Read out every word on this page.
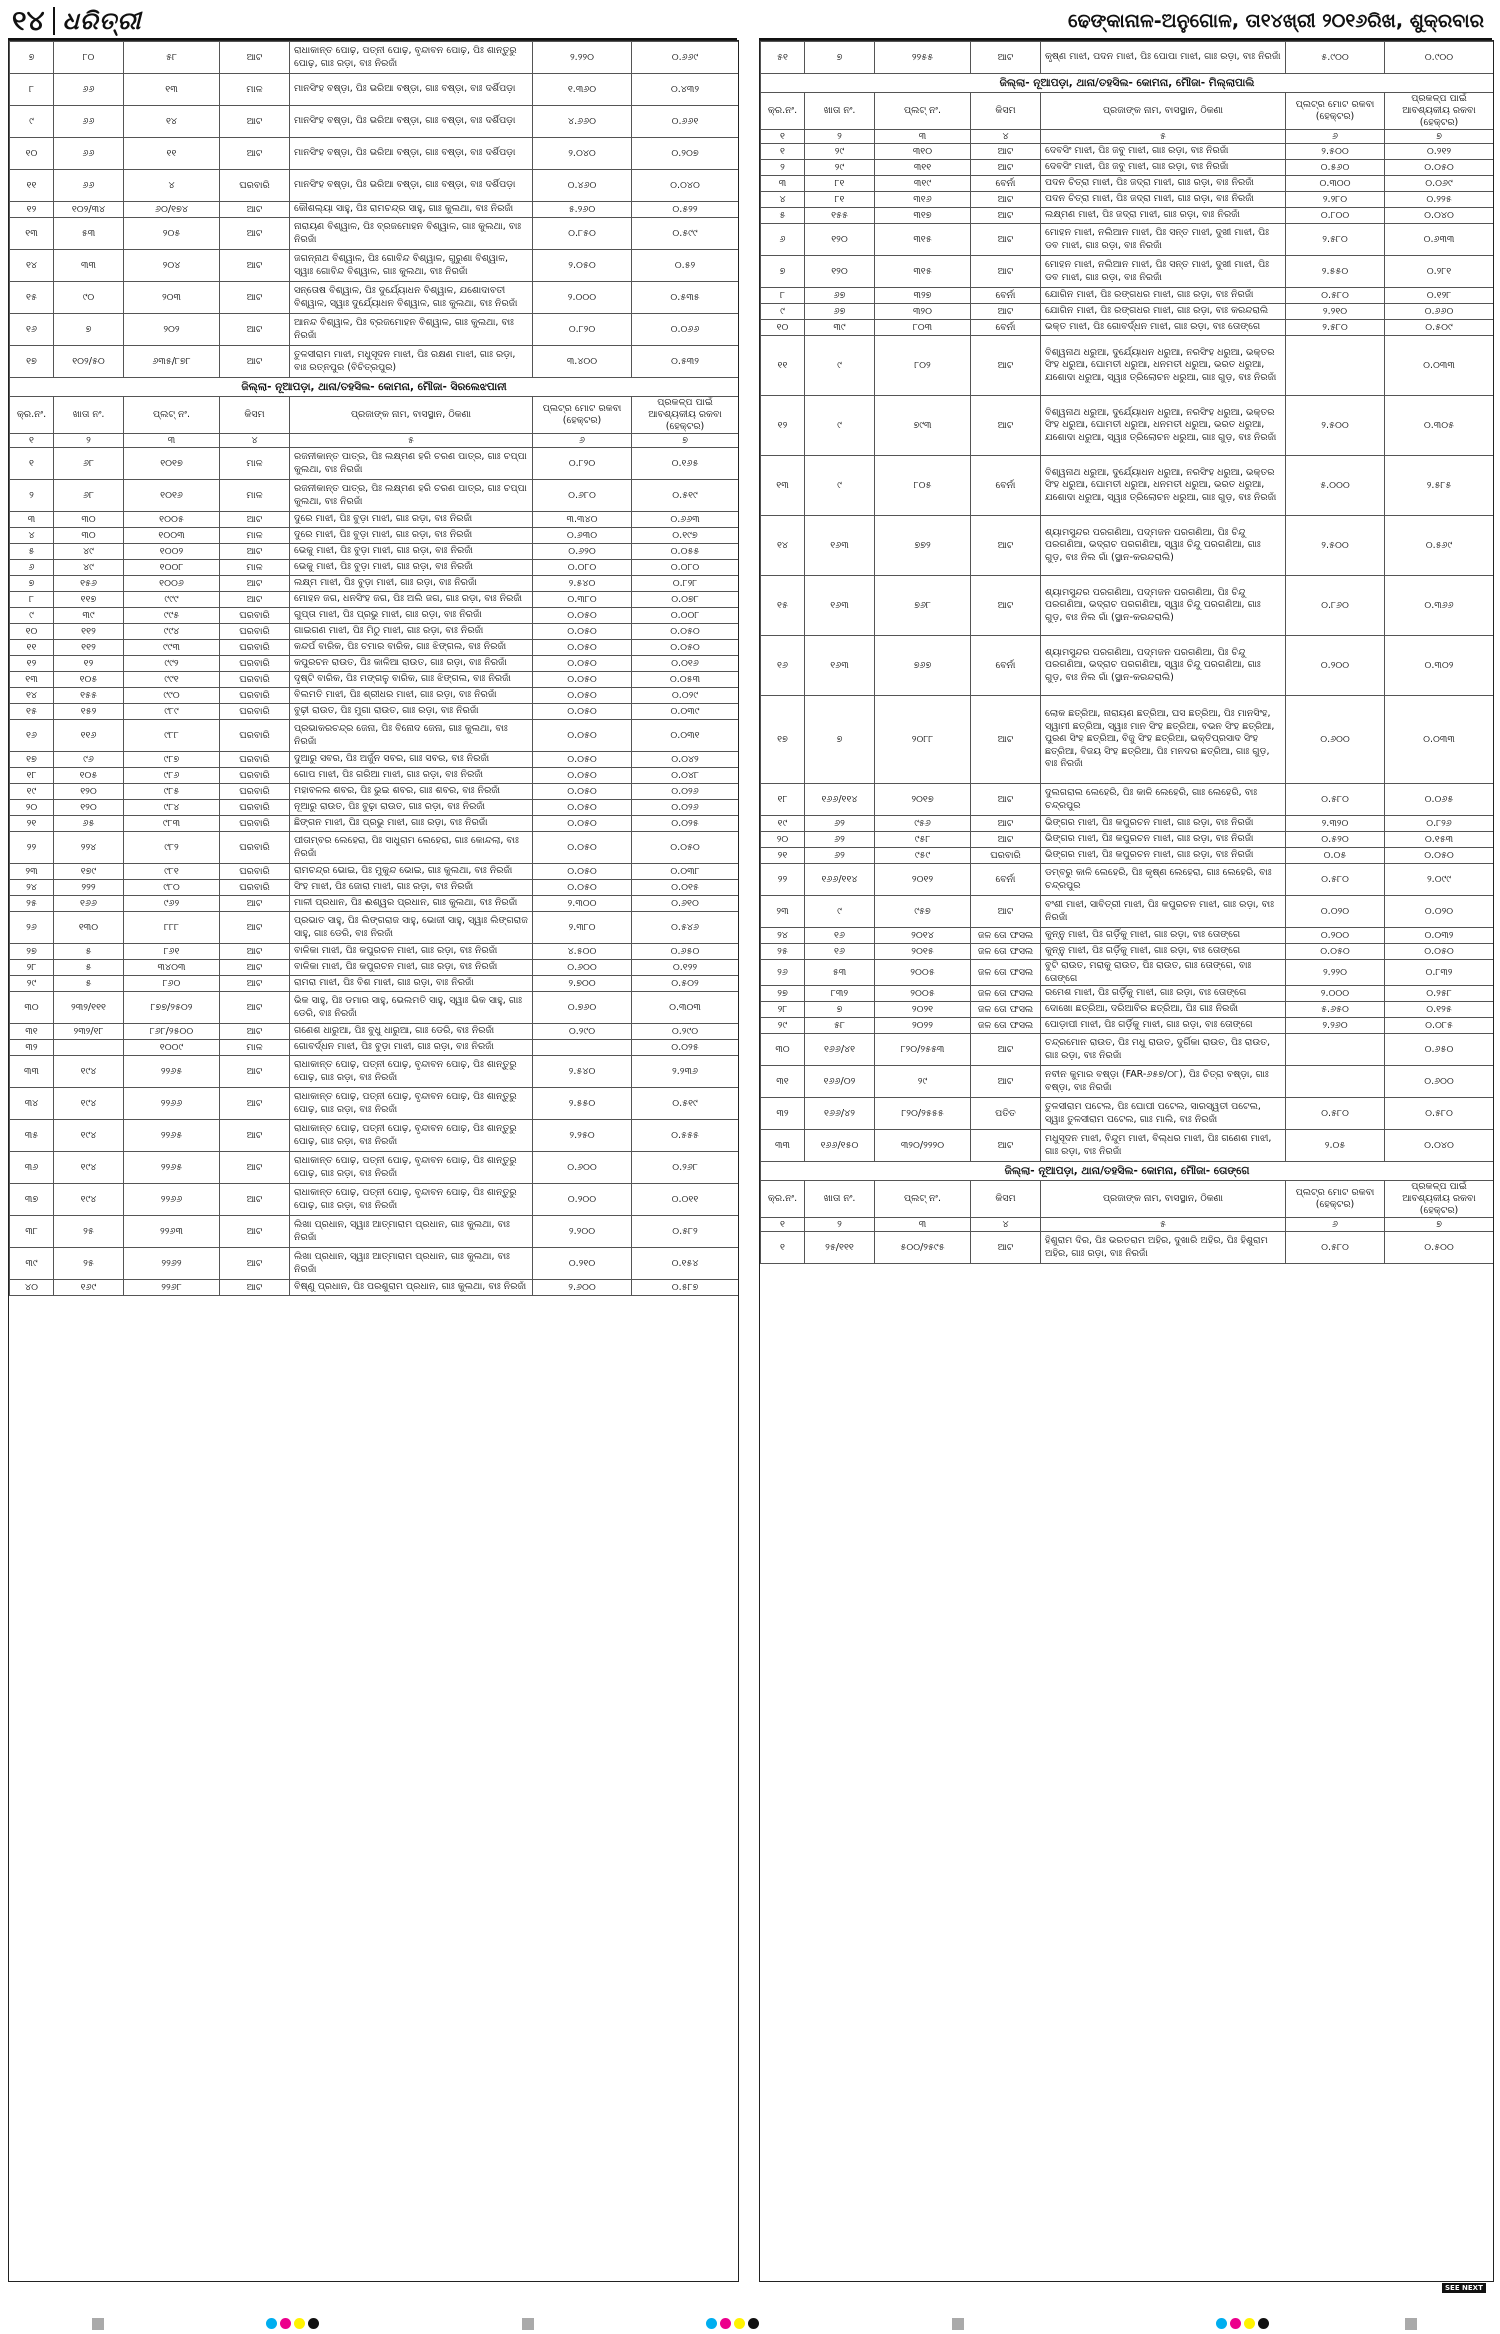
୧୪ ଧରିତ୍ରୀ	ଢେଙ୍କାନାଳ-ଅନୁଗୋଳ, ତା୧୪ଖ୍ରୀ ୨୦୧୬ରିଖ, ଶୁକ୍ରବାର
୭	୮୦	୫୮	ଆଟ	ରାଧାକାନ୍ତ ପୋଢ଼, ପତ୍ନୀ ପୋଢ଼, ବୃନ୍ଦାବନ ପୋଢ଼, ପିଃ ଶାନ୍ତୁରୁ ପୋଢ଼, ଗାଃ ରଡ଼ା, ବାଃ ନିରଜାଁ	୨.୨୨୦	୦.୬୬୯
୮	୬୬	୧୩	ମାଳ	ମାନସିଂହ ବଷ୍ଡ଼ା, ପିଃ ଭରିଆ ବଷ୍ଡ଼ା, ଗାଃ ବଷ୍ଡ଼ା, ବାଃ ଦର୍ଶିପଡ଼ା	୧.୩୬୦	୦.୪୩୨
୯	୬୬	୧୪	ଆଟ	ମାନସିଂହ ବଷ୍ଡ଼ା, ପିଃ ଭରିଆ ବଷ୍ଡ଼ା, ଗାଃ ବଷ୍ଡ଼ା, ବାଃ ଦର୍ଶିପଡ଼ା	୪.୬୬୦	୦.୬୬୧
୧୦	୬୬	୧୧	ଆଟ	ମାନସିଂହ ବଷ୍ଡ଼ା, ପିଃ ଭରିଆ ବଷ୍ଡ଼ା, ଗାଃ ବଷ୍ଡ଼ା, ବାଃ ଦର୍ଶିପଡ଼ା	୨.୦୪୦	୦.୨୦୭
୧୧	୬୬	୪	ଘରବାରି	ମାନସିଂହ ବଷ୍ଡ଼ା, ପିଃ ଭରିଆ ବଷ୍ଡ଼ା, ଗାଃ ବଷ୍ଡ଼ା, ବାଃ ଦର୍ଶିପଡ଼ା	୦.୪୬୦	୦.୦୪୦
୧୨	୧୦୨/୩୪	୬୦/୧୭୪	ଆଟ	କୌଶଲ୍ୟା ସାହୁ, ପିଃ ରାମଚନ୍ଦ୍ର ସାହୁ, ଗାଃ କୁଲଥା, ବାଃ ନିରଜାଁ	୫.୨୬୦	୦.୫୨୨
୧୩	୫୩	୨୦୫	ଆଟ	ନାରାୟଣ ବିଶ୍ୱାଳ, ପିଃ ବ୍ରଜମୋହନ ବିଶ୍ୱାଳ, ଗାଃ କୁଲଥା, ବାଃ ନିରଜାଁ	୦.୮୫୦	୦.୫୯୯
୧୪	୩୩	୨୦୪	ଆଟ	ଜଗନ୍ନାଥ ବିଶ୍ୱାଳ, ପିଃ ଗୋବିନ୍ଦ ବିଶ୍ୱାଳ, ଗୁରୁଣା ବିଶ୍ୱାଳ, ସ୍ୱାଃ ଗୋବିନ୍ଦ ବିଶ୍ୱାଳ, ଗାଃ କୁଲଥା, ବାଃ ନିରଜାଁ	୨.୦୫୦	୦.୫୨
୧୫	୯୦	୨୦୩	ଆଟ	ସନ୍ତୋଷ ବିଶ୍ୱାଳ, ପିଃ ଦୁର୍ଯ୍ୟୋଧନ ବିଶ୍ୱାଳ, ଯଶୋଦାବତୀ ବିଶ୍ୱାଳ, ସ୍ୱାଃ ଦୁର୍ଯ୍ୟୋଧନ ବିଶ୍ୱାଳ, ଗାଃ କୁଲଥା, ବାଃ ନିରଜାଁ	୨.୦୦୦	୦.୫୩୫
୧୬	୭	୨୦୨	ଆଟ	ଆନନ୍ଦ ବିଶ୍ୱାଳ, ପିଃ ବ୍ରଜମୋହନ ବିଶ୍ୱାଳ, ଗାଃ କୁଲଥା, ବାଃ ନିରଜାଁ	୦.୮୨୦	୦.୦୬୬
୧୭	୧୦୨/୫୦	୬୩୫/୮୭୮	ଆଟ	ତୁଳସୀରାମ ମାଝୀ, ମଧୁସୂଦନ ମାଝୀ, ପିଃ ରକ୍ଷଣ ମାଝୀ, ଗାଃ ରଡ଼ା, ବାଃ ରତ୍ନପୁର (ବିଚିତ୍ରପୁର)	୩.୪୦୦	୦.୫୩୨
ଜିଲ୍ଲା- ନୂଆପଡ଼ା, ଥାନା/ତହସିଲ- କୋମନା, ମୌଜା- ସିରଲେଝପାନୀ						
କ୍ର.ନଂ.	ଖାତା ନଂ.	ପ୍ଲଟ୍ ନଂ.	କିସମ	ପ୍ରଜାଙ୍କ ନାମ, ବାସସ୍ଥାନ, ଠିକଣା	ପ୍ଲଟ୍‌ର ମୋଟ ରକବା (ହେକ୍ଟର)	ପ୍ରକଳ୍ପ ପାଇଁ ଆବଶ୍ୟକୀୟ ରକବା (ହେକ୍ଟର)
୧	୨	୩	୪	୫	୬	୭
୧	୬୮	୧୦୧୭	ମାଳ	ରଜନୀକାନ୍ତ ପାତ୍ର, ପିଃ ଲକ୍ଷ୍ମଣ ହରି ଚରଣ ପାତ୍ର, ଗାଃ ଚପ୍ପା କୁଲଥା, ବାଃ ନିରଜାଁ	୦.୮୨୦	୦.୧୬୫
୨	୬୮	୧୦୧୬	ମାଳ	ରଜନୀକାନ୍ତ ପାତ୍ର, ପିଃ ଲକ୍ଷ୍ମଣ ହରି ଚରଣ ପାତ୍ର, ଗାଃ ଚପ୍ପା କୁଲଥା, ବାଃ ନିରଜାଁ	୦.୬୮୦	୦.୫୧୯
୩	୩୦	୧୦୦୫	ଆଟ	ଦୁରେ ମାଝୀ, ପିଃ ବୁଡ଼ା ମାଝୀ, ଗାଃ ରଡ଼ା, ବାଃ ନିରଜାଁ	୩.୩୪୦	୦.୬୬୩
୪	୩୦	୧୦୦୩	ମାଳ	ଦୁରେ ମାଝୀ, ପିଃ ବୁଡ଼ା ମାଝୀ, ଗାଃ ରଡ଼ା, ବାଃ ନିରଜାଁ	୦.୬୩୦	୦.୧୯୭
୫	୪୯	୧୦୦୨	ଆଟ	ଭେକୁ ମାଝୀ, ପିଃ ବୁଡ଼ା ମାଝୀ, ଗାଃ ରଡ଼ା, ବାଃ ନିରଜାଁ	୦.୬୨୦	୦.୦୫୫
୬	୪୯	୧୦୦୮	ମାଳ	ଭେକୁ ମାଝୀ, ପିଃ ବୁଡ଼ା ମାଝୀ, ଗାଃ ରଡ଼ା, ବାଃ ନିରଜାଁ	୦.୦୮୦	୦.୦୮୦
୭	୧୫୬	୧୦୦୬	ଆଟ	ଲକ୍ଷ୍ମ ମାଝୀ, ପିଃ ବୁଡ଼ା ମାଝୀ, ଗାଃ ରଡ଼ା, ବାଃ ନିରଜାଁ	୨.୫୪୦	୦.୮୨୮
୮	୧୧୭	୯୯୯	ଆଟ	ମୋହନ ଜଗ, ଧନସିଂହ ଜଗ, ପିଃ ଅଲି ଜଗ, ଗାଃ ରଡ଼ା, ବାଃ ନିରଜାଁ	୦.୩୮୦	୦.୦୭୮
୯	୩୯	୯୯୫	ଘରବାରି	ଗୁପ୍ତା ମାଝୀ, ପିଃ ପ୍ରଭୁ ମାଝୀ, ଗାଃ ରଡ଼ା, ବାଃ ନିରଜାଁ	୦.୦୫୦	୦.୦୦୮
୧୦	୧୧୨	୯୯୪	ଘରବାରି	ଗାଇଗଣ ମାଝୀ, ପିଃ ମିଠୁ ମାଝୀ, ଗାଃ ରଡ଼ା, ବାଃ ନିରଜାଁ	୦.୦୫୦	୦.୦୫୦
୧୧	୧୧୨	୯୯୩	ଘରବାରି	କନ୍ଦର୍ପ ବାରିକ, ପିଃ ଚମାର ବାରିକ, ଗାଃ ଝିଙ୍ଗଲ, ବାଃ ନିରଜାଁ	୦.୦୫୦	୦.୦୫୦
୧୨	୧୨	୯୯୨	ଘରବାରି	କପୁରଚନ ରାଉତ, ପିଃ କାଳିଆ ରାଉତ, ଗାଃ ରଡ଼ା, ବାଃ ନିରଜାଁ	୦.୦୫୦	୦.୦୧୬
୧୩	୧୦୫	୯୯୧	ଘରବାରି	ଦୃଷ୍ଟି ବାରିକ, ପିଃ ମଙ୍ଗଳୁ ବାରିକ, ଗାଃ ଝିଙ୍ଗଲ, ବାଃ ନିରଜାଁ	୦.୦୫୦	୦.୦୫୩
୧୪	୧୫୫	୯୯୦	ଘରବାରି	ବିଲମତି ମାଝୀ, ପିଃ ଶ୍ରୀଧର ମାଝୀ, ଗାଃ ରଡ଼ା, ବାଃ ନିରଜାଁ	୦.୦୫୦	୦.୦୨୯
୧୫	୧୫୨	୯୮୯	ଘରବାରି	ବୁଢ଼ୀ ରାଉତ, ପିଃ ମୁଗା ରାଉତ, ଗାଃ ରଡ଼ା, ବାଃ ନିରଜାଁ	୦.୦୫୦	୦.୦୩୯
୧୬	୧୧୬	୯୮୮	ଘରବାରି	ପ୍ରଭାକରଚନ୍ଦ୍ର ଜେନା, ପିଃ ବିନୋଦ ଜେନା, ଗାଃ କୁଲଥା, ବାଃ ନିରଜାଁ	୦.୦୫୦	୦.୦୩୧
୧୭	୯୬	୯୮୭	ଘରବାରି	ଦୁଆରୁ ସବର, ପିଃ ଅର୍ଜୁନ ସବର, ଗାଃ ସବର, ବାଃ ନିରଜାଁ	୦.୦୫୦	୦.୦୪୨
୧୮	୧୦୫	୯୮୬	ଘରବାରି	ଗୋପ ମାଝୀ, ପିଃ ଗରିଆ ମାଝୀ, ଗାଃ ରଡ଼ା, ବାଃ ନିରଜାଁ	୦.୦୫୦	୦.୦୪୮
୧୯	୧୨୦	୯୮୫	ଘରବାରି	ମହାବଳଲ ଶବର, ପିଃ ଭୁଇ ଶବର, ଗାଃ ଶବର, ବାଃ ନିରଜାଁ	୦.୦୫୦	୦.୦୨୬
୨୦	୧୨୦	୯୮୪	ଘରବାରି	ନୂଆରୁ ରାଉତ, ପିଃ ବୁଢ଼ା ରାଉତ, ଗାଃ ରଡ଼ା, ବାଃ ନିରଜାଁ	୦.୦୫୦	୦.୦୨୬
୨୧	୬୫	୯୮୩	ଘରବାରି	ଛିଙ୍ଗନ ମାଝୀ, ପିଃ ପ୍ରଭୁ ମାଝୀ, ଗାଃ ରଡ଼ା, ବାଃ ନିରଜାଁ	୦.୦୫୦	୦.୦୨୫
୨୨	୨୨୪	୯୮୨	ଘରବାରି	ପୀତାମ୍ବର ଲେହେରା, ପିଃ ସାଧୁରାମ ଲେହେରା, ଗାଃ କୋନ୍ଦଲା, ବାଃ ନିରଜାଁ	୦.୦୫୦	୦.୦୫୦
୨୩	୧୭୯	୯୮୧	ଘରବାରି	ରାମଚନ୍ଦ୍ର ଭୋଇ, ପିଃ ମୁକୁନ୍ଦ ଭୋଇ, ଗାଃ କୁଲଥା, ବାଃ ନିରଜାଁ	୦.୦୫୦	୦.୦୩୮
୨୪	୨୨୨	୯୮୦	ଘରବାରି	ସିଂହ ମାଝୀ, ପିଃ ଜୋରା ମାଝୀ, ଗାଃ ରଡ଼ା, ବାଃ ନିରଜାଁ	୦.୦୫୦	୦.୦୧୫
୨୫	୧୬୬	୯୬୨	ଆଟ	ମାଳୀ ପ୍ରଧାନ, ପିଃ ଈଶ୍ୱର ପ୍ରଧାନ, ଗାଃ କୁଲଥା, ବାଃ ନିରଜାଁ	୨.୩୦୦	୦.୬୧୦
୨୬	୧୩୦	୮୮୮	ଆଟ	ପ୍ରଭାତ ସାହୁ, ପିଃ ଲିଙ୍ଗରାଜ ସାହୁ, ଭୋଜୀ ସାହୁ, ସ୍ୱାଃ ଲିଙ୍ଗରାଜ ସାହୁ, ଗାଃ ଡେରି, ବାଃ ନିରଜାଁ	୨.୩୮୦	୦.୫୪୬
୨୭	୫	୮୬୧	ଆଟ	ବାଳିକା ମାଝୀ, ପିଃ କପୁରଚନ ମାଝୀ, ଗାଃ ରଡ଼ା, ବାଃ ନିରଜାଁ	୪.୫୦୦	୦.୬୫୦
୨୮	୫	୩୪୦୩	ଆଟ	ବାଳିକା ମାଝୀ, ପିଃ କପୁରଚନ ମାଝୀ, ଗାଃ ରଡ଼ା, ବାଃ ନିରଜାଁ	୦.୬୦୦	୦.୧୨୨
୨୯	୫	୮୬୦	ଆଟ	ରାମରା ମାଝୀ, ପିଃ ବିଶ ମାଝୀ, ଗାଃ ରଡ଼ା, ବାଃ ନିରଜାଁ	୨.୭୦୦	୦.୫୦୨
୩୦	୨୩୨/୧୧୧	୮୭୭/୨୫୦୨	ଆଟ	ଭିକ ସାହୁ, ପିଃ ଡମାର ସାହୁ, ଭେଲମତି ସାହୁ, ସ୍ୱାଃ ଭିକ ସାହୁ, ଗାଃ ଡେରି, ବାଃ ନିରଜାଁ	୦.୭୬୦	୦.୩୦୩
୩୧	୨୩୨/୧୮	୮୬୮/୨୫୦୦	ଆଟ	ଗଣେଶ ଧାରୁଆ, ପିଃ ବୁଧୁ ଧାରୁଆ, ଗାଃ ଡେରି, ବାଃ ନିରଜାଁ	୦.୨୯୦	୦.୨୯୦
୩୨		୧୦୦୯	ମାଳ	ଗୋବର୍ଦ୍ଧନ ମାଝୀ, ପିଃ ବୁଡ଼ା ମାଝୀ, ଗାଃ ରଡ଼ା, ବାଃ ନିରଜାଁ		୦.୦୨୫
୩୩	୧୯୪	୨୨୬୫	ଆଟ	ରାଧାକାନ୍ତ ପୋଢ଼, ପତ୍ନୀ ପୋଢ଼, ବୃନ୍ଦାବନ ପୋଢ଼, ପିଃ ଶାନ୍ତୁରୁ ପୋଢ଼, ଗାଃ ରଡ଼ା, ବାଃ ନିରଜାଁ	୨.୫୪୦	୨.୨୩୬
୩୪	୧୯୪	୨୨୬୬	ଆଟ	ରାଧାକାନ୍ତ ପୋଢ଼, ପତ୍ନୀ ପୋଢ଼, ବୃନ୍ଦାବନ ପୋଢ଼, ପିଃ ଶାନ୍ତୁରୁ ପୋଢ଼, ଗାଃ ରଡ଼ା, ବାଃ ନିରଜାଁ	୨.୫୫୦	୦.୫୧୯
୩୫	୧୯୪	୨୨୬୫	ଆଟ	ରାଧାକାନ୍ତ ପୋଢ଼, ପତ୍ନୀ ପୋଢ଼, ବୃନ୍ଦାବନ ପୋଢ଼, ପିଃ ଶାନ୍ତୁରୁ ପୋଢ଼, ଗାଃ ରଡ଼ା, ବାଃ ନିରଜାଁ	୨.୨୫୦	୦.୫୫୫
୩୬	୧୯୪	୨୨୬୫	ଆଟ	ରାଧାକାନ୍ତ ପୋଢ଼, ପତ୍ନୀ ପୋଢ଼, ବୃନ୍ଦାବନ ପୋଢ଼, ପିଃ ଶାନ୍ତୁରୁ ପୋଢ଼, ଗାଃ ରଡ଼ା, ବାଃ ନିରଜାଁ	୦.୬୦୦	୦.୨୬୮
୩୭	୧୯୪	୨୨୬୬	ଆଟ	ରାଧାକାନ୍ତ ପୋଢ଼, ପତ୍ନୀ ପୋଢ଼, ବୃନ୍ଦାବନ ପୋଢ଼, ପିଃ ଶାନ୍ତୁରୁ ପୋଢ଼, ଗାଃ ରଡ଼ା, ବାଃ ନିରଜାଁ	୦.୨୦୦	୦.୦୧୧
୩୮	୨୫	୨୨୬୩	ଆଟ	ଲିଖା ପ୍ରଧାନ, ସ୍ୱାଃ ଆତ୍ମାରାମ ପ୍ରଧାନ, ଗାଃ କୁଲଥା, ବାଃ ନିରଜାଁ	୨.୨୦୦	୦.୫୮୨
୩୯	୨୫	୨୨୬୨	ଆଟ	ଲିଖା ପ୍ରଧାନ, ସ୍ୱାଃ ଆତ୍ମାରାମ ପ୍ରଧାନ, ଗାଃ କୁଲଥା, ବାଃ ନିରଜାଁ	୦.୨୧୦	୦.୧୫୪
୪୦	୧୬୯	୨୨୬୮	ଆଟ	ବିଷ୍ଣୁ ପ୍ରଧାନ, ପିଃ ପରଶୁରାମ ପ୍ରଧାନ, ଗାଃ କୁଲଥା, ବାଃ ନିରଜାଁ	୨.୬୦୦	୦.୫୮୭
୫୧	୭	୨୨୫୫	ଆଟ	କୃଷ୍ଣ ମାଝୀ, ପଦନ ମାଝୀ, ପିଃ ପୋପା ମାଝୀ, ଗାଃ ରଡ଼ା, ବାଃ ନିରଜାଁ	୫.୯୦୦	୦.୯୦୦
ଜିଲ୍ଲା- ନୂଆପଡ଼ା, ଥାନା/ତହସିଲ- କୋମନା, ମୌଜା- ମିଲ୍ଲାପାଲି						
କ୍ର.ନଂ.	ଖାତା ନଂ.	ପ୍ଲଟ୍ ନଂ.	କିସମ	ପ୍ରଜାଙ୍କ ନାମ, ବାସସ୍ଥାନ, ଠିକଣା	ପ୍ଲଟ୍‌ର ମୋଟ ରକବା (ହେକ୍ଟର)	ପ୍ରକଳ୍ପ ପାଇଁ ଆବଶ୍ୟକୀୟ ରକବା (ହେକ୍ଟର)
୧	୨	୩	୪	୫	୬	୭
୧	୨୯	୩୧୦	ଆଟ	ଦେବସିଂ ମାଝୀ, ପିଃ ଜବୁ ମାଝୀ, ଗାଃ ରଡ଼ା, ବାଃ ନିରଜାଁ	୨.୫୦୦	୦.୨୧୨
୨	୨୯	୩୧୧	ଆଟ	ଦେବସିଂ ମାଝୀ, ପିଃ ଜବୁ ମାଝୀ, ଗାଃ ରଡ଼ା, ବାଃ ନିରଜାଁ	୦.୫୬୦	୦.୦୫୦
୩	୮୧	୩୧୯	ବେର୍ନା	ପଦନ ଚିତ୍ରା ମାଝୀ, ପିଃ ଜଦ୍ରା ମାଝୀ, ଗାଃ ରଡ଼ା, ବାଃ ନିରଜାଁ	୦.୩୦୦	୦.୦୬୯
୪	୮୧	୩୧୬	ଆଟ	ପଦନ ଚିତ୍ରା ମାଝୀ, ପିଃ ଜଦ୍ରା ମାଝୀ, ଗାଃ ରଡ଼ା, ବାଃ ନିରଜାଁ	୨.୨୮୦	୦.୨୨୫
୫	୧୫୫	୩୧୭	ଆଟ	ଲକ୍ଷ୍ମଣ ମାଝୀ, ପିଃ ଜଦ୍ରା ମାଝୀ, ଗାଃ ରଡ଼ା, ବାଃ ନିରଜାଁ	୦.୮୦୦	୦.୦୪୦
୬	୧୨୦	୩୧୫	ଆଟ	ମୋହନ ମାଝୀ, ନଲିଆନ ମାଝୀ, ପିଃ ସନ୍ତ ମାଝୀ, ଦୁଖୀ ମାଝୀ, ପିଃ ଡବ ମାଝୀ, ଗାଃ ରଡ଼ା, ବାଃ ନିରଜାଁ	୨.୫୮୦	୦.୬୩୩
୭	୧୨୦	୩୧୫	ଆଟ	ମୋହନ ମାଝୀ, ନଲିଆନ ମାଝୀ, ପିଃ ସନ୍ତ ମାଝୀ, ଦୁଖୀ ମାଝୀ, ପିଃ ଡବ ମାଝୀ, ଗାଃ ରଡ଼ା, ବାଃ ନିରଜାଁ	୨.୫୫୦	୦.୨୮୧
୮	୬୭	୩୨୭	ବେର୍ନା	ଯୋଗିନ ମାଝୀ, ପିଃ ରଙ୍ଗଧର ମାଝୀ, ଗାଃ ରଡ଼ା, ବାଃ ନିରଜାଁ	୦.୫୮୦	୦.୧୨୮
୯	୬୭	୩୨୦	ଆଟ	ଯୋଗିନ ମାଝୀ, ପିଃ ରଙ୍ଗଧର ମାଝୀ, ଗାଃ ରଡ଼ା, ବାଃ କରନ୍ଦରାଲି	୨.୨୧୦	୦.୬୬୦
୧୦	୩୯	୮୦୩	ବେର୍ନା	ଭକ୍ତ ମାଝୀ, ପିଃ ଗୋବର୍ଦ୍ଧନ ମାଝୀ, ଗାଃ ରଡ଼ା, ବାଃ ତୋଙ୍ଗେ	୨.୫୮୦	୦.୫୦୯
୧୧	୯	୮୦୨	ଆଟ	ବିଶ୍ୱନାଥ ଧରୁଆ, ଦୁର୍ଯ୍ୟୋଧନ ଧରୁଆ, ନରସିଂହ ଧରୁଆ, ଭକ୍ତର ସିଂହ ଧରୁଆ, ଘୋମତୀ ଧରୁଆ, ଧନମତୀ ଧରୁଆ, ଭରତ ଧରୁଆ, ଯଶୋଦା ଧରୁଆ, ସ୍ୱାଃ ତ୍ରିଲୋଚନ ଧରୁଆ, ଗାଃ ଗୁଡ଼, ବାଃ ନିରଜାଁ		୦.୦୩୩
୧୨	୯	୭୯୩	ଆଟ	ବିଶ୍ୱନାଥ ଧରୁଆ, ଦୁର୍ଯ୍ୟୋଧନ ଧରୁଆ, ନରସିଂହ ଧରୁଆ, ଭକ୍ତର ସିଂହ ଧରୁଆ, ଘୋମତୀ ଧରୁଆ, ଧନମତୀ ଧରୁଆ, ଭରତ ଧରୁଆ, ଯଶୋଦା ଧରୁଆ, ସ୍ୱାଃ ତ୍ରିଲୋଚନ ଧରୁଆ, ଗାଃ ଗୁଡ଼, ବାଃ ନିରଜାଁ	୨.୫୦୦	୦.୩୦୫
୧୩	୯	୮୦୫	ବେର୍ନା	ବିଶ୍ୱନାଥ ଧରୁଆ, ଦୁର୍ଯ୍ୟୋଧନ ଧରୁଆ, ନରସିଂହ ଧରୁଆ, ଭକ୍ତର ସିଂହ ଧରୁଆ, ଘୋମତୀ ଧରୁଆ, ଧନମତୀ ଧରୁଆ, ଭରତ ଧରୁଆ, ଯଶୋଦା ଧରୁଆ, ସ୍ୱାଃ ତ୍ରିଲୋଚନ ଧରୁଆ, ଗାଃ ଗୁଡ଼, ବାଃ ନିରଜାଁ	୫.୦୦୦	୨.୫୮୫
୧୪	୧୬୩	୭୭୨	ଆଟ	ଶ୍ୟାମସୁନ୍ଦର ପରଗଣିଆ, ପଦ୍ମଜନ ପରଗଣିଆ, ପିଃ ଚିନ୍ଦୁ ପରଗଣିଆ, ଭଦ୍ରାଚ ପରଗଣିଆ, ସ୍ୱାଃ ଚିନ୍ଦୁ ପରଗଣିଆ, ଗାଃ ଗୁଡ଼, ବାଃ ନିଲ ଗାଁ (ସ୍ଥାନ-କରନ୍ଦରାଲି)	୨.୫୦୦	୦.୫୬୯
୧୫	୧୬୩	୭୬୮	ଆଟ	ଶ୍ୟାମସୁନ୍ଦର ପରଗଣିଆ, ପଦ୍ମଜନ ପରଗଣିଆ, ପିଃ ଚିନ୍ଦୁ ପରଗଣିଆ, ଭଦ୍ରାଚ ପରଗଣିଆ, ସ୍ୱାଃ ଚିନ୍ଦୁ ପରଗଣିଆ, ଗାଃ ଗୁଡ଼, ବାଃ ନିଲ ଗାଁ (ସ୍ଥାନ-କରନ୍ଦରାଲି)	୦.୮୬୦	୦.୩୬୬
୧୬	୧୬୩	୭୬୭	ବେର୍ନା	ଶ୍ୟାମସୁନ୍ଦର ପରଗଣିଆ, ପଦ୍ମଜନ ପରଗଣିଆ, ପିଃ ଚିନ୍ଦୁ ପରଗଣିଆ, ଭଦ୍ରାଚ ପରଗଣିଆ, ସ୍ୱାଃ ଚିନ୍ଦୁ ପରଗଣିଆ, ଗାଃ ଗୁଡ଼, ବାଃ ନିଲ ଗାଁ (ସ୍ଥାନ-କରନ୍ଦରାଲି)	୦.୨୦୦	୦.୩୦୨
୧୭	୭	୨୦୮୮	ଆଟ	ଲୋକ ଛତ୍ରିଆ, ନାରାୟଣ ଛତ୍ରିଆ, ଘସ ଛତ୍ରିଆ, ପିଃ ମାନସିଂହ, ସ୍ୱାମୀ ଛତ୍ରିଆ, ସ୍ୱାଃ ମାନ ସିଂହ ଛତ୍ରିଆ, ବଭନ ସିଂହ ଛତ୍ରିଆ, ପୁରଣ ସିଂହ ଛତ୍ରିଆ, ବିଜୁ ସିଂହ ଛତ୍ରିଆ, ଭକ୍ତିପ୍ରସାଦ ସିଂହ ଛତ୍ରିଆ, ବିଜୟ ସିଂହ ଛତ୍ରିଆ, ପିଃ ମନଦର ଛତ୍ରିଆ, ଗାଃ ଗୁଡ଼, ବାଃ ନିରଜାଁ	୦.୬୦୦	୦.୦୩୩
୧୮	୧୬୬/୧୧୪	୨୦୧୭	ଆଟ	ଦୁଲଗରାଲ ଲେହେରି, ପିଃ କାଳି ଲେହେରି, ଗାଃ ଲେହେରି, ବାଃ ଚନ୍ଦ୍ରପୁର	୦.୫୮୦	୦.୦୬୫
୧୯	୬୨	୯୫୬	ଆଟ	ଭିଙ୍ଗର ମାଝୀ, ପିଃ କପୁରଚନ ମାଝୀ, ଗାଃ ରଡ଼ା, ବାଃ ନିରଜାଁ	୨.୩୨୦	୦.୮୨୬
୨୦	୬୨	୯୫୮	ଆଟ	ଭିଙ୍ଗର ମାଝୀ, ପିଃ କପୁରଚନ ମାଝୀ, ଗାଃ ରଡ଼ା, ବାଃ ନିରଜାଁ	୦.୫୨୦	୦.୧୫୩
୨୧	୬୨	୯୫୯	ଘରବାରି	ଭିଙ୍ଗର ମାଝୀ, ପିଃ କପୁରଚନ ମାଝୀ, ଗାଃ ରଡ଼ା, ବାଃ ନିରଜାଁ	୦.୦୫	୦.୦୫୦
୨୨	୧୬୬/୧୧୪	୨୦୧୨	ବେର୍ନା	ଡମ୍ବରୁ କାଳି ଲେହେରି, ପିଃ କୃଷ୍ଣ ଲେହେରା, ଗାଃ ଲେହେରି, ବାଃ ଚନ୍ଦ୍ରପୁର	୦.୫୮୦	୨.୦୯୯
୨୩	୯	୯୫୭	ଆଟ	ବଂଶୀ ମାଝୀ, ସାବିତ୍ରୀ ମାଝୀ, ପିଃ କପୁରଚନ ମାଝୀ, ଗାଃ ରଡ଼ା, ବାଃ ନିରଜାଁ	୦.୦୨୦	୦.୦୨୦
୨୪	୧୬	୨୦୧୪	ଜଳ ତୋ ଫସଲ	କୁନ୍ନୁ ମାଝୀ, ପିଃ ଗର୍ଡ଼ିକୁ ମାଝୀ, ଗାଃ ରଡ଼ା, ବାଃ ତୋଙ୍ଗେ	୦.୨୦୦	୦.୦୩୨
୨୫	୧୬	୨୦୧୫	ଜଳ ତୋ ଫସଲ	କୁନ୍ନୁ ମାଝୀ, ପିଃ ଗର୍ଡ଼ିକୁ ମାଝୀ, ଗାଃ ରଡ଼ା, ବାଃ ତୋଙ୍ଗେ	୦.୦୫୦	୦.୦୫୦
୨୬	୫୩	୨୦୦୫	ଜଳ ତୋ ଫସଲ	ବୁଟି ରାଉତ, ମରାକୁ ରାଉତ, ପିଃ ରାଉତ, ଗାଃ ତୋଙ୍ଗେ, ବାଃ ତୋଙ୍ଗେ	୨.୨୨୦	୦.୮୩୨
୨୭	୮୩୨	୨୦୦୫	ଜଳ ତୋ ଫସଲ	ରମେଶ ମାଝୀ, ପିଃ ଗର୍ଡ଼ିକୁ ମାଝୀ, ଗାଃ ରଡ଼ା, ବାଃ ତୋଙ୍ଗେ	୨.୦୦୦	୦.୨୫୮
୨୮	୭	୨୦୨୧	ଜଳ ତୋ ଫସଲ	ଦୋଖୋ ଛତ୍ରିଆ, ଦରିଆବିର ଛତ୍ରିଆ, ପିଃ ଗାଃ ନିରଜାଁ	୫.୬୫୦	୦.୧୨୫
୨୯	୫୮	୨୦୨୨	ଜଳ ତୋ ଫସଲ	ପୋଡ଼ାପୀ ମାଝୀ, ପିଃ ଗର୍ଡ଼ିକୁ ମାଝୀ, ଗାଃ ରଡ଼ା, ବାଃ ତୋଙ୍ଗେ	୨.୨୬୦	୦.୦୮୫
୩୦	୧୬୬/୪୧	୮୨୦/୨୫୫୩	ଆଟ	ଚନ୍ଦ୍ରମୋନ ରାଉତ, ପିଃ ମଧୁ ରାଉତ, ଦୁର୍ଗିକା ରାଉତ, ପିଃ ରାଉତ, ଗାଃ ରଡ଼ା, ବାଃ ନିରଜାଁ		୦.୬୫୦
୩୧	୧୬୬/୦୨	୨୯	ଆଟ	ନବୀନ କୁମାର ବଷ୍ଡ଼ା (FAR-୬୫୭/୦୮), ପିଃ ଚିତ୍ରା ବଷ୍ଡ଼ା, ଗାଃ ବଷ୍ଡ଼ା, ବାଃ ନିରଜାଁ		୦.୬୦୦
୩୨	୧୬୬/୪୨	୮୨୦/୨୫୫୫	ପତିତ	ତୁଳସୀରାମ ପଟେଲ, ପିଃ ଘୋପୀ ପଟେଲ, ସାରସ୍ୱତୀ ପଟେଲ, ସ୍ୱାଃ ତୁଳସୀରାମ ପଟେଲ, ଗାଃ ମାଲି, ବାଃ ନିରଜାଁ	୦.୫୮୦	୦.୫୮୦
୩୩	୧୬୬/୧୫୦	୩୨୦/୨୨୨୦	ଆଟ	ମଧୁସୂଦନ ମାଝୀ, ବିନ୍ଦୁମ ମାଝୀ, ବିଲ୍ଧର ମାଝୀ, ପିଃ ଗଣେଶ ମାଝୀ, ଗାଃ ରଡ଼ା, ବାଃ ନିରଜାଁ	୨.୦୫	୦.୦୪୦
ଜିଲ୍ଲା- ନୂଆପଡ଼ା, ଥାନା/ତହସିଲ- କୋମନା, ମୌଜା- ତୋଙ୍ଗେ						
କ୍ର.ନଂ.	ଖାତା ନଂ.	ପ୍ଲଟ୍ ନଂ.	କିସମ	ପ୍ରଜାଙ୍କ ନାମ, ବାସସ୍ଥାନ, ଠିକଣା	ପ୍ଲଟ୍‌ର ମୋଟ ରକବା (ହେକ୍ଟର)	ପ୍ରକଳ୍ପ ପାଇଁ ଆବଶ୍ୟକୀୟ ରକବା (ହେକ୍ଟର)
୧	୨	୩	୪	୫	୬	୭
୧	୨୫/୧୧୧	୫୦୦/୨୫୯୫	ଆଟ	ହିଶୁରାମ ଦିର, ପିଃ ଭରତରାମ ଅହିର, ଦୁଖାରି ଅହିର, ପିଃ ହିଶୁରାମ ଅହିର, ଗାଃ ରଡ଼ା, ବାଃ ନିରଜାଁ	୦.୫୮୦	୦.୫୦୦
SEE NEXT
